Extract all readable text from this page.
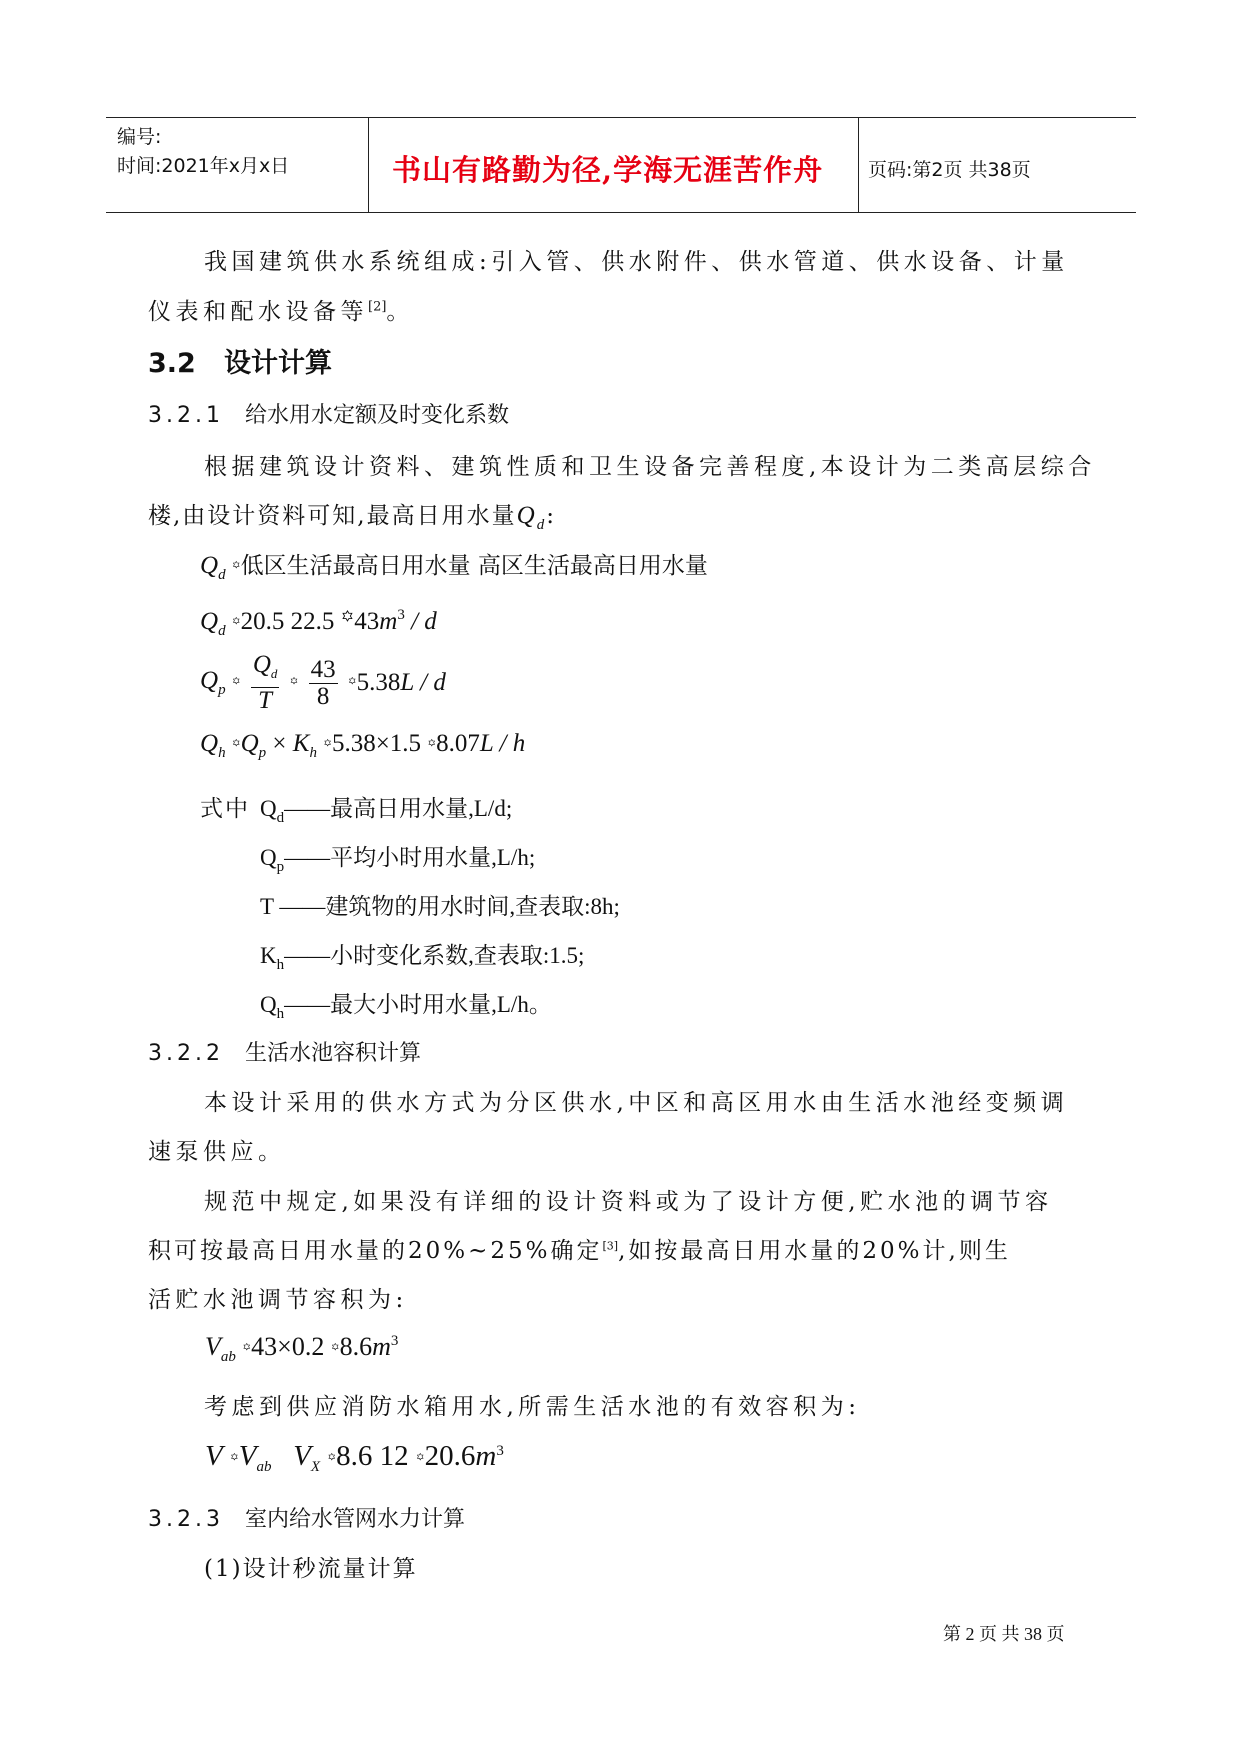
编号:
时间:2021年x月x日	书山有路勤为径,学海无涯苦作舟 页码:第2页 共38页
我国建筑供水系统组成:引入管、供水附件、供水管道、供水设备、计量
仪表和配水设备等[2]。
3.2 设计计算
3.2.1 给水用水定额及时变化系数
根据建筑设计资料、建筑性质和卫生设备完善程度,本设计为二类高层综合
楼,由设计资料可知,最高日用水量$Q_d$:
$Q_d$ ꙳低区生活最高日用水量 高区生活最高日用水量
$Q_d$ ꙳20.5 22.5 $꙳43m^3$ / d
$Q_p$ ꙳ $\frac{Q_d}{T}$ ꙳ $\frac{43}{8}$ ꙳5.38L / d
$Q_h$ $꙳Q_p \times K_h$ ꙳5.38×1.5 ꙳8.07L / h
式中 $Q_d——$最高日用水量,L/d;
$Q_p——$平均小时用水量,L/h;
T ——建筑物的用水时间,查表取:8h;
$K_h——$小时变化系数,查表取:1.5;
$Q_h——$最大小时用水量,L/h。
3.2.2 生活水池容积计算
本设计采用的供水方式为分区供水,中区和高区用水由生活水池经变频调
速泵供应。
规范中规定,如果没有详细的设计资料或为了设计方便,贮水池的调节容
积可按最高日用水量的20%~25%确定[3],如按最高日用水量的20%计,则生
活贮水池调节容积为:
$V_{ab}$ ꙳43×0.2 $꙳8.6m^3$
考虑到供应消防水箱用水,所需生活水池的有效容积为:
V $꙳V_{ab}$ $V_X$ ꙳8.6 12 $꙳20.6m^3$
3.2.3 室内给水管网水力计算
(1)设计秒流量计算
第 2 页 共 38 页
